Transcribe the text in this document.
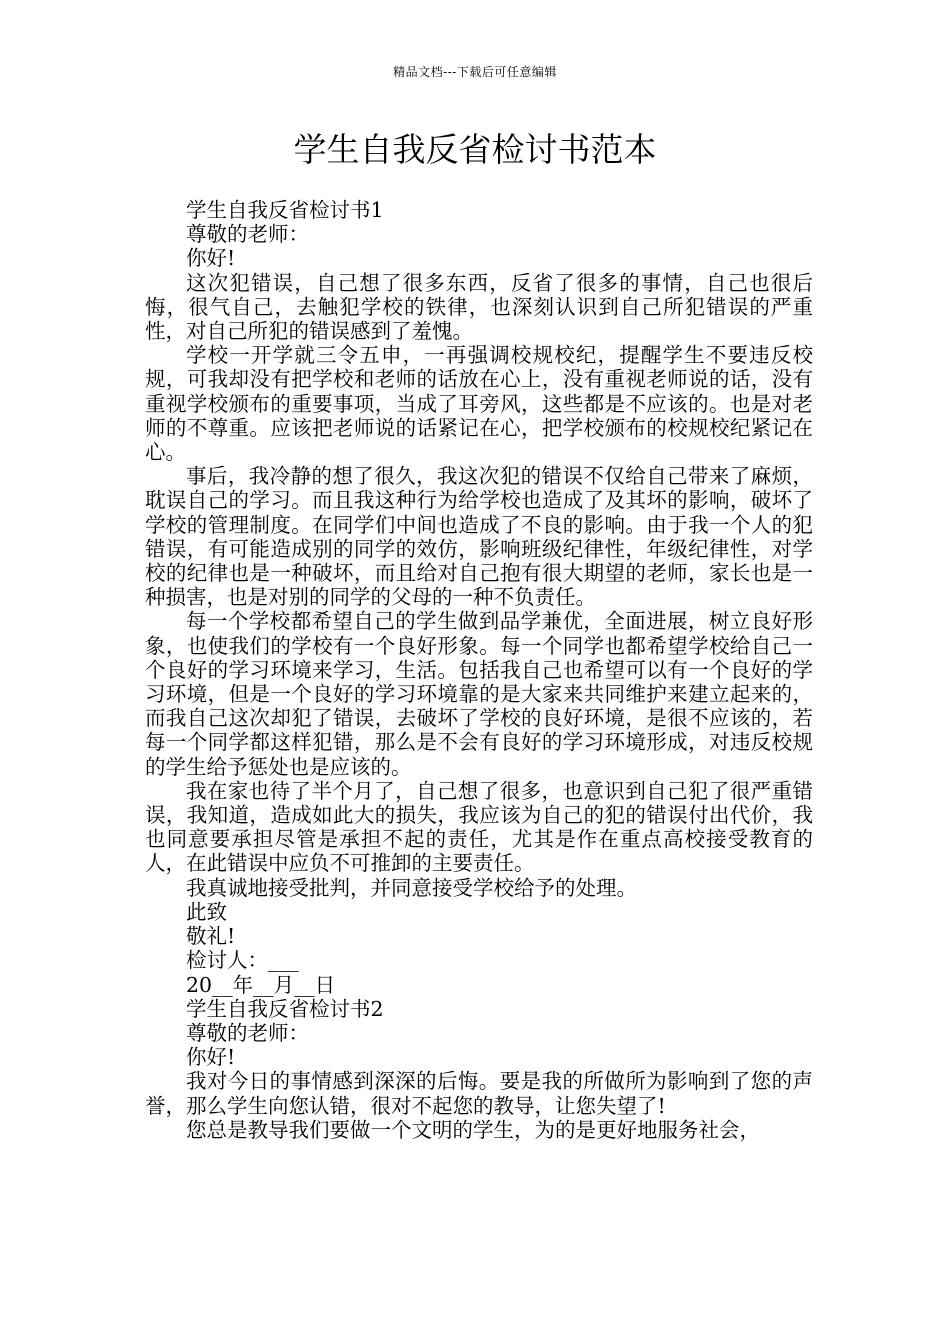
精品文档---下载后可任意编辑
学生自我反省检讨书范本

学生自我反省检讨书1

尊敬的老师：

你好!

这次犯错误，自己想了很多东西，反省了很多的事情，自己也很后悔，很气自己，去触犯学校的铁律，也深刻认识到自己所犯错误的严重性，对自己所犯的错误感到了羞愧。

学校一开学就三令五申，一再强调校规校纪，提醒学生不要违反校规，可我却没有把学校和老师的话放在心上，没有重视老师说的话，没有重视学校颁布的重要事项，当成了耳旁风，这些都是不应该的。也是对老师的不尊重。应该把老师说的话紧记在心，把学校颁布的校规校纪紧记在心。

事后，我冷静的想了很久，我这次犯的错误不仅给自己带来了麻烦，耽误自己的学习。而且我这种行为给学校也造成了及其坏的影响，破坏了学校的管理制度。在同学们中间也造成了不良的影响。由于我一个人的犯错误，有可能造成别的同学的效仿，影响班级纪律性，年级纪律性，对学校的纪律也是一种破坏，而且给对自己抱有很大期望的老师，家长也是一种损害，也是对别的同学的父母的一种不负责任。

每一个学校都希望自己的学生做到品学兼优，全面进展，树立良好形象，也使我们的学校有一个良好形象。每一个同学也都希望学校给自己一个良好的学习环境来学习，生活。包括我自己也希望可以有一个良好的学习环境，但是一个良好的学习环境靠的是大家来共同维护来建立起来的，而我自己这次却犯了错误，去破坏了学校的良好环境，是很不应该的，若每一个同学都这样犯错，那么是不会有良好的学习环境形成，对违反校规的学生给予惩处也是应该的。

我在家也待了半个月了，自己想了很多，也意识到自己犯了很严重错误，我知道，造成如此大的损失，我应该为自己的犯的错误付出代价，我也同意要承担尽管是承担不起的责任，尤其是作在重点高校接受教育的人，在此错误中应负不可推卸的主要责任。

我真诚地接受批判，并同意接受学校给予的处理。

此致

敬礼!

检讨人：___

20__年__月__日

学生自我反省检讨书2

尊敬的老师：

你好!

我对今日的事情感到深深的后悔。要是我的所做所为影响到了您的声誉，那么学生向您认错，很对不起您的教导，让您失望了!

您总是教导我们要做一个文明的学生，为的是更好地服务社会，
